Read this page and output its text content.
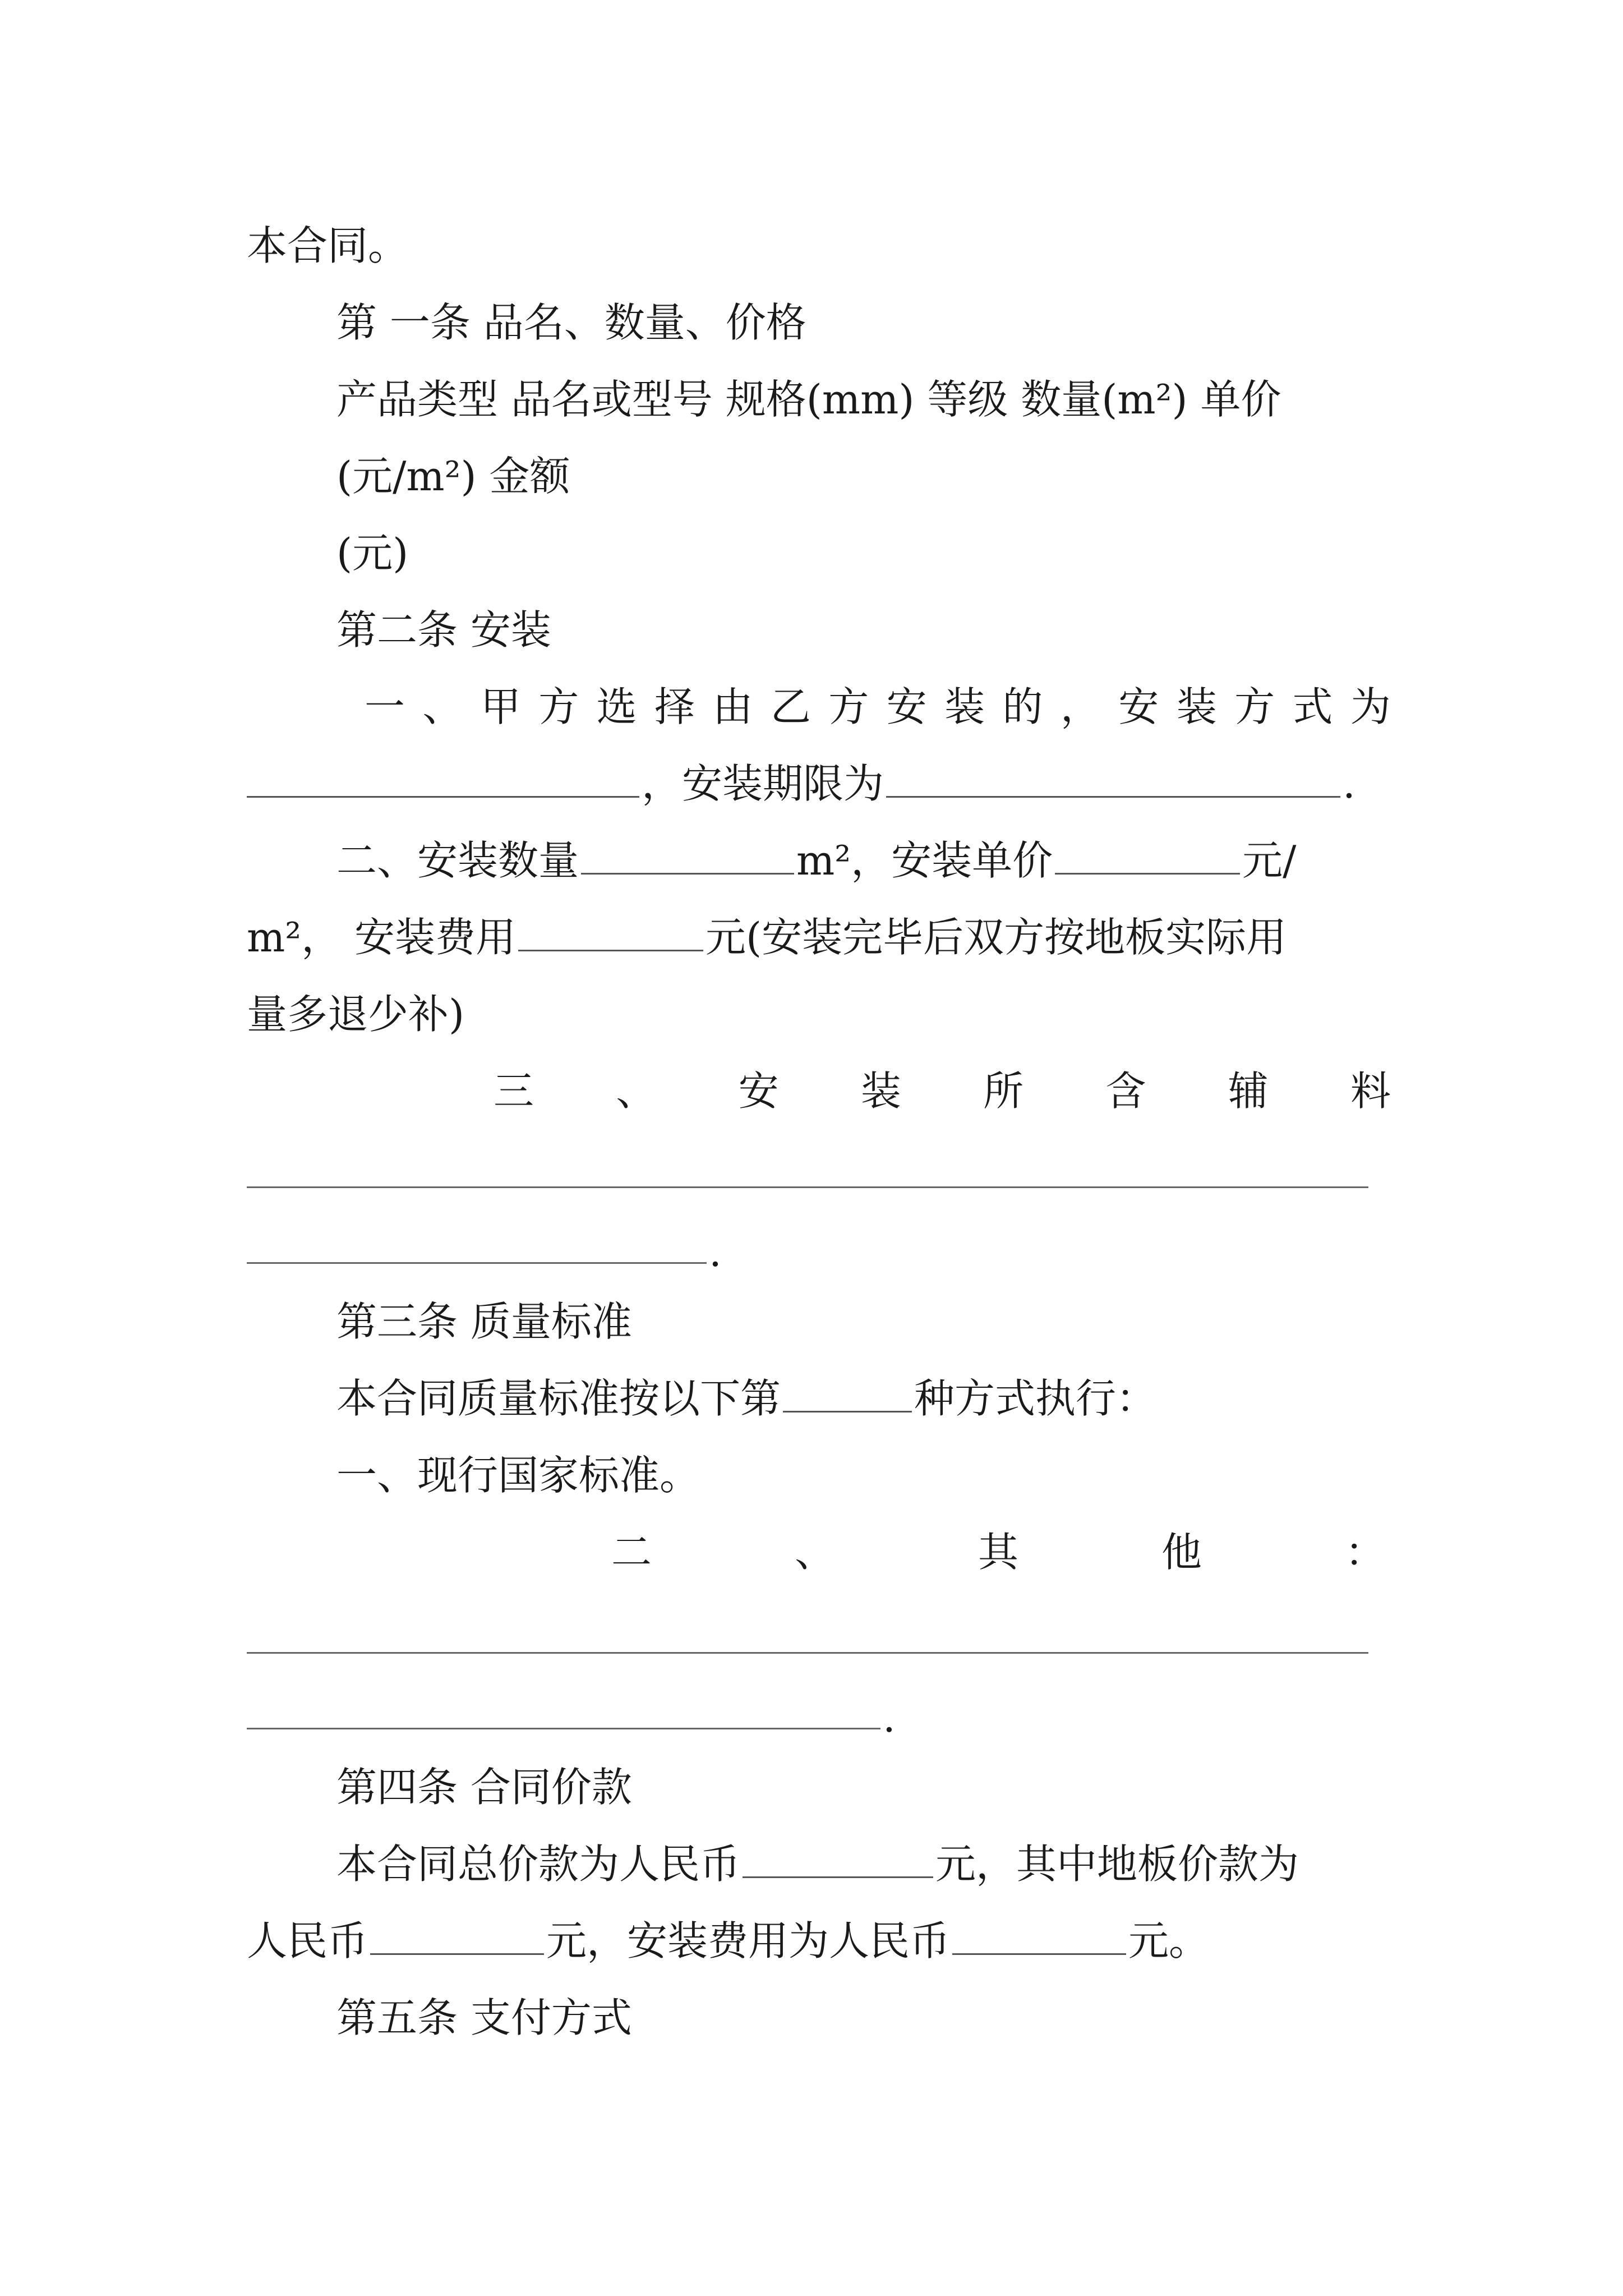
本合同。
第 一条 品名、数量、价格
产品类型 品名或型号 规格(mm) 等级 数量(m²) 单价
(元/m²) 金额
(元)
第二条 安装
一 、 甲 方 选 择 由 乙 方 安 装 的 ， 安 装 方 式 为
，安装期限为	.
二、安装数量	m²，安装单价	元/
m²， 安装费用	元(安装完毕后双方按地板实际用
量多退少补)
三 、 安 装 所 含 辅 料
.
第三条 质量标准
本合同质量标准按以下第	种方式执行：
一、现行国家标准。
二	、	其	他	：
.
第四条 合同价款
本合同总价款为人民币	元，其中地板价款为
人民币	元，安装费用为人民币	元。
第五条 支付方式
